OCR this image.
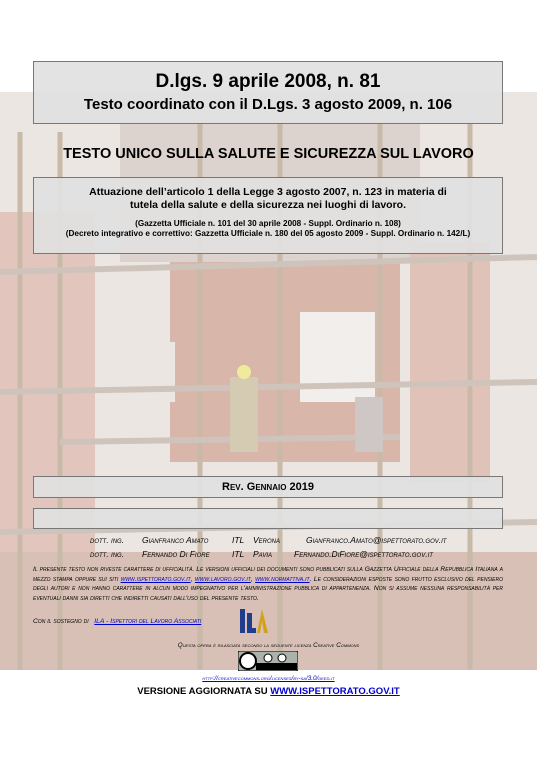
D.lgs. 9 aprile 2008, n. 81
Testo coordinato con il D.Lgs. 3 agosto 2009, n. 106
TESTO UNICO SULLA SALUTE E SICUREZZA SUL LAVORO
Attuazione dell’articolo 1 della Legge 3 agosto 2007, n. 123 in materia di tutela della salute e della sicurezza nei luoghi di lavoro.
(Gazzetta Ufficiale n. 101 del 30 aprile 2008 - Suppl. Ordinario n. 108)
(Decreto integrativo e correttivo: Gazzetta Ufficiale n. 180 del 05 agosto 2009 - Suppl. Ordinario n. 142/L)
Rev. Gennaio 2019
dott. ing. Gianfranco Amato	ITL Verona	Gianfranco.Amato@ispettorato.gov.it
dott. ing. Fernando Di Fiore	ITL Pavia	Fernando.DiFiore@ispettorato.gov.it
Il presente testo non riveste carattere di ufficialità. Le versioni ufficiali dei documenti sono pubblicati sulla Gazzetta Ufficiale della Repubblica Italiana a mezzo stampa oppure sui siti www.ispettorato.gov.it, www.lavoro.gov.it, www.normattiva.it. Le considerazioni esposte sono frutto esclusivo del pensiero degli autori e non hanno carattere in alcun modo impegnativo per l'amministrazione pubblica di appartenenza. Non si assume nessuna responsabilità per eventuali danni sia diretti che indiretti causati dall'uso del presente testo.
Con il sostegno di ILA - Ispettori del Lavoro Associati
Questa opera è rilasciata secondo la seguente licenza Creative Commons
http://creativecommons.org/licenses/by-sa/3.0/deed.it
VERSIONE AGGIORNATA SU WWW.ISPETTORATO.GOV.IT
